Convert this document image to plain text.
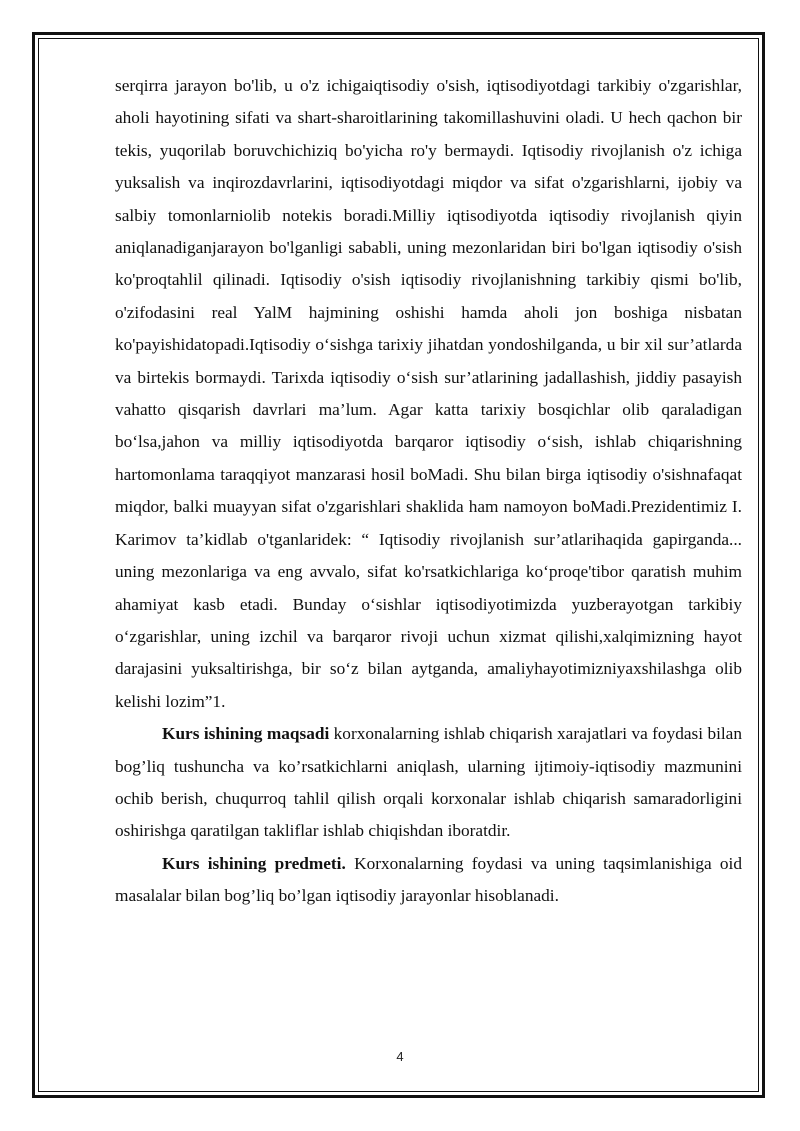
serqirra jarayon bo'lib, u o'z ichigaiqtisodiy o'sish, iqtisodiyotdagi tarkibiy o'zgarishlar, aholi hayotining sifati va shart-sharoitlarining takomillashuvini oladi. U hech qachon bir tekis, yuqorilab boruvchichiziq bo'yicha ro'y bermaydi. Iqtisodiy rivojlanish o'z ichiga yuksalish va inqirozdavrlarini, iqtisodiyotdagi miqdor va sifat o'zgarishlarni, ijobiy va salbiy tomonlarniolib notekis boradi.Milliy iqtisodiyotda iqtisodiy rivojlanish qiyin aniqlanadiganjarayon bo'lganligi sababli, uning mezonlaridan biri bo'lgan iqtisodiy o'sish ko'proqtahlil qilinadi. Iqtisodiy o'sish iqtisodiy rivojlanishning tarkibiy qismi bo'lib, o'zifodasini real YalM hajmining oshishi hamda aholi jon boshiga nisbatan ko'payishidatopadi.Iqtisodiy o‘sishga tarixiy jihatdan yondoshilganda, u bir xil sur’atlarda va birtekis bormaydi. Tarixda iqtisodiy o‘sish sur’atlarining jadallashish, jiddiy pasayish vahatto qisqarish davrlari ma’lum. Agar katta tarixiy bosqichlar olib qaraladigan bo‘lsa,jahon va milliy iqtisodiyotda barqaror iqtisodiy o‘sish, ishlab chiqarishning hartomonlama taraqqiyot manzarasi hosil boMadi. Shu bilan birga iqtisodiy o'sishnafaqat miqdor, balki muayyan sifat o'zgarishlari shaklida ham namoyon boMadi.Prezidentimiz I. Karimov ta’kidlab o'tganlaridek: “ Iqtisodiy rivojlanish sur’atlarihaqida gapirganda... uning mezonlariga va eng avvalo, sifat ko'rsatkichlariga ko‘proqe'tibor qaratish muhim ahamiyat kasb etadi. Bunday o‘sishlar iqtisodiyotimizda yuzberayotgan tarkibiy o‘zgarishlar, uning izchil va barqaror rivoji uchun xizmat qilishi,xalqimizning hayot darajasini yuksaltirishga, bir so‘z bilan aytganda, amaliyhayotimizniyaxshilashga olib kelishi lozim”1.

Kurs ishining maqsadi korxonalarning ishlab chiqarish xarajatlari va foydasi bilan bog’liq tushuncha va ko’rsatkichlarni aniqlash, ularning ijtimoiy-iqtisodiy mazmunini ochib berish, chuqurroq tahlil qilish orqali korxonalar ishlab chiqarish samaradorligini oshirishga qaratilgan takliflar ishlab chiqishdan iboratdir.

Kurs ishining predmeti. Korxonalarning foydasi va uning taqsimlanishiga oid masalalar bilan bog’liq bo’lgan iqtisodiy jarayonlar hisoblanadi.

4
